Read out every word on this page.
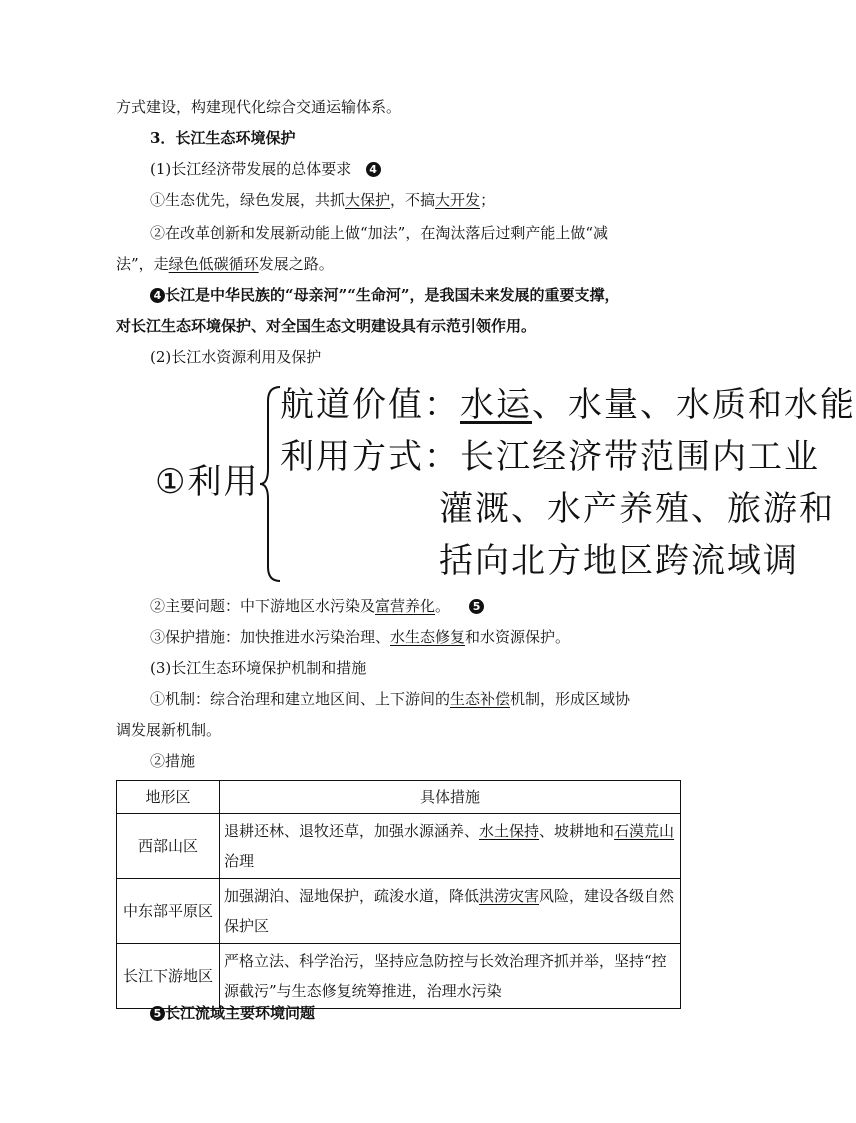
方式建设，构建现代化综合交通运输体系。
3．长江生态环境保护
(1)长江经济带发展的总体要求 4
①生态优先，绿色发展，共抓大保护，不搞大开发；
②在改革创新和发展新动能上做“加法”，在淘汰落后过剩产能上做“减
法”，走绿色低碳循环发展之路。
4 长江是中华民族的“母亲河”“生命河”，是我国未来发展的重要支撑，
对长江生态环境保护、对全国生态文明建设具有示范引领作用。
(2)长江水资源利用及保护
①利用
航道价值：水运、水量、水质和水能
利用方式：长江经济带范围内工业
灌溉、水产养殖、旅游和
括向北方地区跨流域调
②主要问题：中下游地区水污染及富营养化。 5
③保护措施：加快推进水污染治理、水生态修复和水资源保护。
(3)长江生态环境保护机制和措施
①机制：综合治理和建立地区间、上下游间的生态补偿机制，形成区域协
调发展新机制。
②措施
地形区	具体措施
西部山区	退耕还林、退牧还草，加强水源涵养、水土保持、坡耕地和石漠荒山治理
中东部平原区	加强湖泊、湿地保护，疏浚水道，降低洪涝灾害风险，建设各级自然保护区
长江下游地区	严格立法、科学治污，坚持应急防控与长效治理齐抓并举，坚持“控源截污”与生态修复统筹推进，治理水污染
5 长江流域主要环境问题
